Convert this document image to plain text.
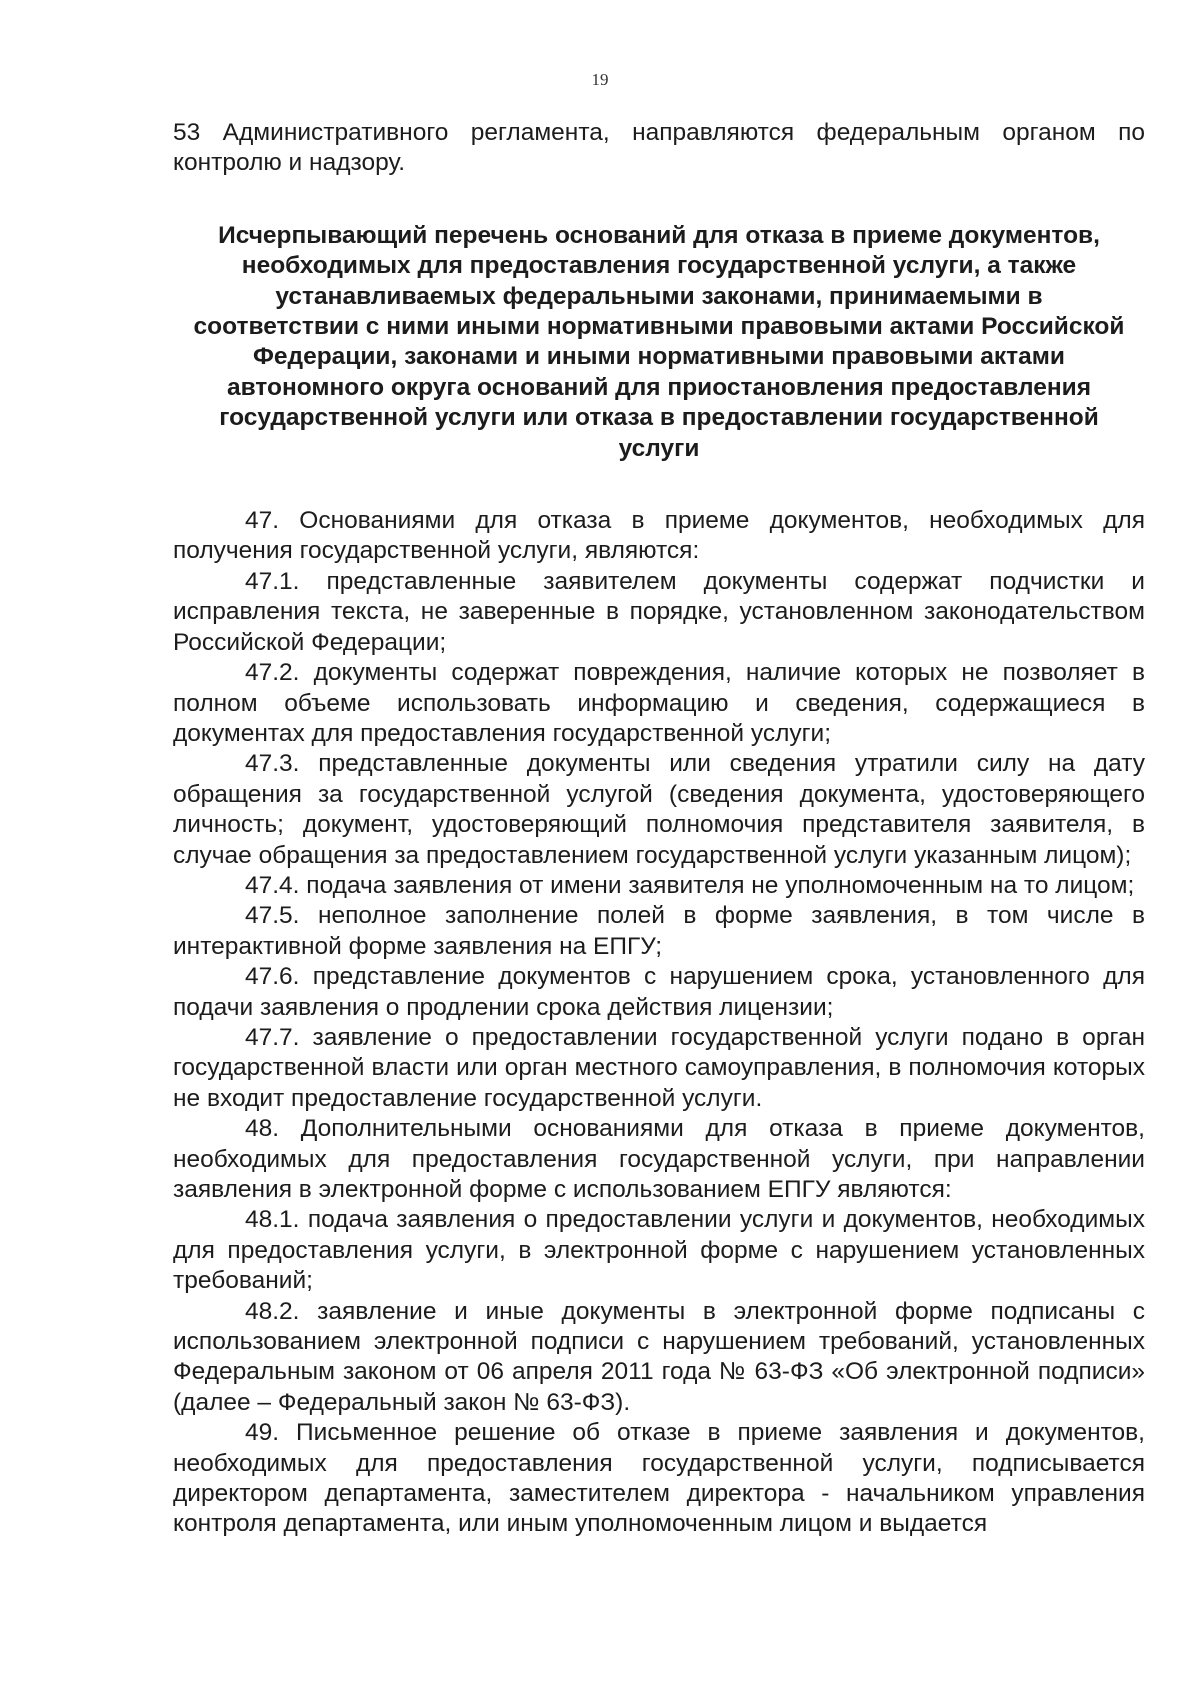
19

53 Административного регламента, направляются федеральным органом по контролю и надзору.

Исчерпывающий перечень оснований для отказа в приеме документов, необходимых для предоставления государственной услуги, а также устанавливаемых федеральными законами, принимаемыми в соответствии с ними иными нормативными правовыми актами Российской Федерации, законами и иными нормативными правовыми актами автономного округа оснований для приостановления предоставления государственной услуги или отказа в предоставлении государственной услуги

47. Основаниями для отказа в приеме документов, необходимых для получения государственной услуги, являются:

47.1. представленные заявителем документы содержат подчистки и исправления текста, не заверенные в порядке, установленном законодательством Российской Федерации;

47.2. документы содержат повреждения, наличие которых не позволяет в полном объеме использовать информацию и сведения, содержащиеся в документах для предоставления государственной услуги;

47.3. представленные документы или сведения утратили силу на дату обращения за государственной услугой (сведения документа, удостоверяющего личность; документ, удостоверяющий полномочия представителя заявителя, в случае обращения за предоставлением государственной услуги указанным лицом);

47.4. подача заявления от имени заявителя не уполномоченным на то лицом;

47.5. неполное заполнение полей в форме заявления, в том числе в интерактивной форме заявления на ЕПГУ;

47.6. представление документов с нарушением срока, установленного для подачи заявления о продлении срока действия лицензии;

47.7. заявление о предоставлении государственной услуги подано в орган государственной власти или орган местного самоуправления, в полномочия которых не входит предоставление государственной услуги.

48. Дополнительными основаниями для отказа в приеме документов, необходимых для предоставления государственной услуги, при направлении заявления в электронной форме с использованием ЕПГУ являются:

48.1. подача заявления о предоставлении услуги и документов, необходимых для предоставления услуги, в электронной форме с нарушением установленных требований;

48.2. заявление и иные документы в электронной форме подписаны с использованием электронной подписи с нарушением требований, установленных Федеральным законом от 06 апреля 2011 года № 63-ФЗ «Об электронной подписи» (далее – Федеральный закон № 63-ФЗ).

49. Письменное решение об отказе в приеме заявления и документов, необходимых для предоставления государственной услуги, подписывается директором департамента, заместителем директора - начальником управления контроля департамента, или иным уполномоченным лицом и выдается
